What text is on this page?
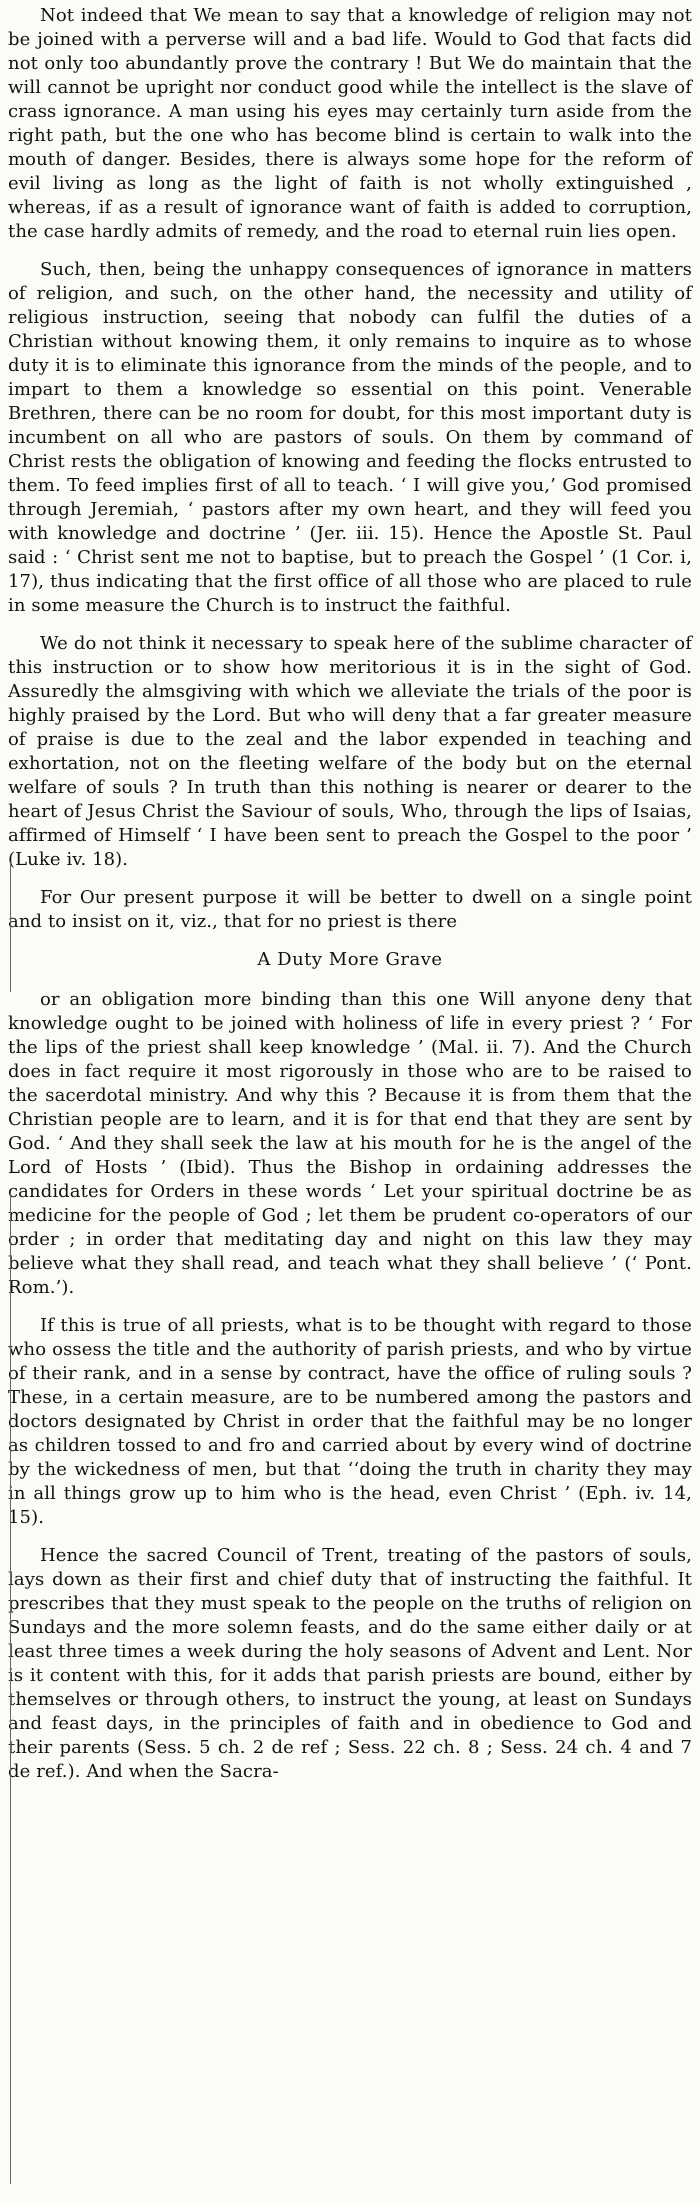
Not indeed that We mean to say that a knowledge of religion may not be joined with a perverse will and a bad life. Would to God that facts did not only too abundantly prove the contrary ! But We do maintain that the will cannot be upright nor conduct good while the intellect is the slave of crass ignorance. A man using his eyes may certainly turn aside from the right path, but the one who has become blind is certain to walk into the mouth of danger. Besides, there is always some hope for the reform of evil living as long as the light of faith is not wholly extinguished , whereas, if as a result of ignorance want of faith is added to corruption, the case hardly admits of remedy, and the road to eternal ruin lies open.

Such, then, being the unhappy consequences of ignorance in matters of religion, and such, on the other hand, the necessity and utility of religious instruction, seeing that nobody can fulfil the duties of a Christian without knowing them, it only remains to inquire as to whose duty it is to eliminate this ignorance from the minds of the people, and to impart to them a knowledge so essential on this point. Venerable Brethren, there can be no room for doubt, for this most important duty is incumbent on all who are pastors of souls. On them by command of Christ rests the obligation of knowing and feeding the flocks entrusted to them. To feed implies first of all to teach. ‘ I will give you,’ God promised through Jeremiah, ‘ pastors after my own heart, and they will feed you with knowledge and doctrine ’ (Jer. iii. 15). Hence the Apostle St. Paul said : ‘ Christ sent me not to baptise, but to preach the Gospel ’ (1 Cor. i, 17), thus indicating that the first office of all those who are placed to rule in some measure the Church is to instruct the faithful.

We do not think it necessary to speak here of the sublime character of this instruction or to show how meritorious it is in the sight of God. Assuredly the almsgiving with which we alleviate the trials of the poor is highly praised by the Lord. But who will deny that a far greater measure of praise is due to the zeal and the labor expended in teaching and exhortation, not on the fleeting welfare of the body but on the eternal welfare of souls ? In truth than this nothing is nearer or dearer to the heart of Jesus Christ the Saviour of souls, Who, through the lips of Isaias, affirmed of Himself ‘ I have been sent to preach the Gospel to the poor ’ (Luke iv. 18).

For Our present purpose it will be better to dwell on a single point and to insist on it, viz., that for no priest is there

A Duty More Grave

or an obligation more binding than this one Will anyone deny that knowledge ought to be joined with holiness of life in every priest ? ‘ For the lips of the priest shall keep knowledge ’ (Mal. ii. 7). And the Church does in fact require it most rigorously in those who are to be raised to the sacerdotal ministry. And why this ? Because it is from them that the Christian people are to learn, and it is for that end that they are sent by God. ‘ And they shall seek the law at his mouth for he is the angel of the Lord of Hosts ’ (Ibid). Thus the Bishop in ordaining addresses the candidates for Orders in these words ‘ Let your spiritual doctrine be as medicine for the people of God ; let them be prudent co-operators of our order ; in order that meditating day and night on this law they may believe what they shall read, and teach what they shall believe ’ (‘ Pont. Rom.’).

If this is true of all priests, what is to be thought with regard to those who ossess the title and the authority of parish priests, and who by virtue of their rank, and in a sense by contract, have the office of ruling souls ? These, in a certain measure, are to be numbered among the pastors and doctors designated by Christ in order that the faithful may be no longer as children tossed to and fro and carried about by every wind of doctrine by the wickedness of men, but that ‘‘doing the truth in charity they may in all things grow up to him who is the head, even Christ ’ (Eph. iv. 14, 15).

Hence the sacred Council of Trent, treating of the pastors of souls, lays down as their first and chief duty that of instructing the faithful. It prescribes that they must speak to the people on the truths of religion on Sundays and the more solemn feasts, and do the same either daily or at least three times a week during the holy seasons of Advent and Lent. Nor is it content with this, for it adds that parish priests are bound, either by themselves or through others, to instruct the young, at least on Sundays and feast days, in the principles of faith and in obedience to God and their parents (Sess. 5 ch. 2 de ref ; Sess. 22 ch. 8 ; Sess. 24 ch. 4 and 7 de ref.). And when the Sacra-
